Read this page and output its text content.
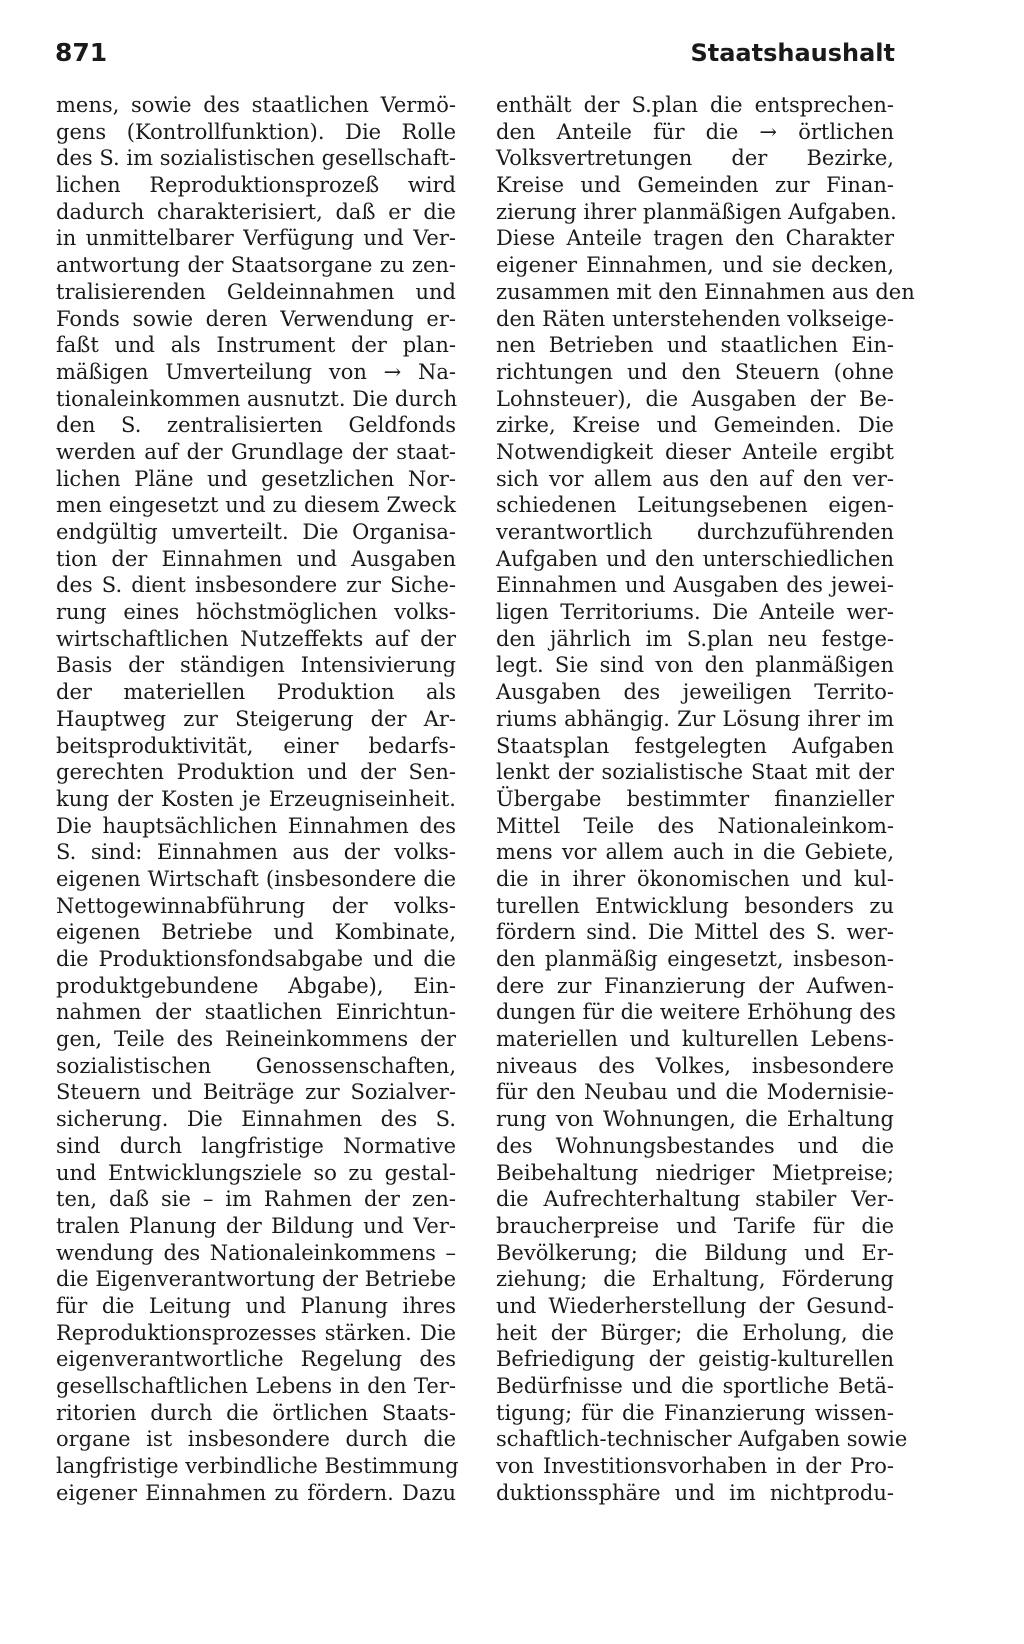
871	Staatshaushalt
mens, sowie des staatlichen Vermö-
gens (Kontrollfunktion). Die Rolle
des S. im sozialistischen gesellschaft-
lichen Reproduktionsprozeß wird
dadurch charakterisiert, daß er die
in unmittelbarer Verfügung und Ver-
antwortung der Staatsorgane zu zen-
tralisierenden Geldeinnahmen und
Fonds sowie deren Verwendung er-
faßt und als Instrument der plan-
mäßigen Umverteilung von → Na-
tionaleinkommen ausnutzt. Die durch
den S. zentralisierten Geldfonds
werden auf der Grundlage der staat-
lichen Pläne und gesetzlichen Nor-
men eingesetzt und zu diesem Zweck
endgültig umverteilt. Die Organisa-
tion der Einnahmen und Ausgaben
des S. dient insbesondere zur Siche-
rung eines höchstmöglichen volks-
wirtschaftlichen Nutzeffekts auf der
Basis der ständigen Intensivierung
der materiellen Produktion als
Hauptweg zur Steigerung der Ar-
beitsproduktivität, einer bedarfs-
gerechten Produktion und der Sen-
kung der Kosten je Erzeugniseinheit.
Die hauptsächlichen Einnahmen des
S. sind: Einnahmen aus der volks-
eigenen Wirtschaft (insbesondere die
Nettogewinnabführung der volks-
eigenen Betriebe und Kombinate,
die Produktionsfondsabgabe und die
produktgebundene Abgabe), Ein-
nahmen der staatlichen Einrichtun-
gen, Teile des Reineinkommens der
sozialistischen Genossenschaften,
Steuern und Beiträge zur Sozialver-
sicherung. Die Einnahmen des S.
sind durch langfristige Normative
und Entwicklungsziele so zu gestal-
ten, daß sie – im Rahmen der zen-
tralen Planung der Bildung und Ver-
wendung des Nationaleinkommens –
die Eigenverantwortung der Betriebe
für die Leitung und Planung ihres
Reproduktionsprozesses stärken. Die
eigenverantwortliche Regelung des
gesellschaftlichen Lebens in den Ter-
ritorien durch die örtlichen Staats-
organe ist insbesondere durch die
langfristige verbindliche Bestimmung
eigener Einnahmen zu fördern. Dazu
enthält der S.plan die entsprechen-
den Anteile für die → örtlichen
Volksvertretungen der Bezirke,
Kreise und Gemeinden zur Finan-
zierung ihrer planmäßigen Aufgaben.
Diese Anteile tragen den Charakter
eigener Einnahmen, und sie decken,
zusammen mit den Einnahmen aus den
den Räten unterstehenden volkseige-
nen Betrieben und staatlichen Ein-
richtungen und den Steuern (ohne
Lohnsteuer), die Ausgaben der Be-
zirke, Kreise und Gemeinden. Die
Notwendigkeit dieser Anteile ergibt
sich vor allem aus den auf den ver-
schiedenen Leitungsebenen eigen-
verantwortlich durchzuführenden
Aufgaben und den unterschiedlichen
Einnahmen und Ausgaben des jewei-
ligen Territoriums. Die Anteile wer-
den jährlich im S.plan neu festge-
legt. Sie sind von den planmäßigen
Ausgaben des jeweiligen Territo-
riums abhängig. Zur Lösung ihrer im
Staatsplan festgelegten Aufgaben
lenkt der sozialistische Staat mit der
Übergabe bestimmter finanzieller
Mittel Teile des Nationaleinkom-
mens vor allem auch in die Gebiete,
die in ihrer ökonomischen und kul-
turellen Entwicklung besonders zu
fördern sind. Die Mittel des S. wer-
den planmäßig eingesetzt, insbeson-
dere zur Finanzierung der Aufwen-
dungen für die weitere Erhöhung des
materiellen und kulturellen Lebens-
niveaus des Volkes, insbesondere
für den Neubau und die Modernisie-
rung von Wohnungen, die Erhaltung
des Wohnungsbestandes und die
Beibehaltung niedriger Mietpreise;
die Aufrechterhaltung stabiler Ver-
braucherpreise und Tarife für die
Bevölkerung; die Bildung und Er-
ziehung; die Erhaltung, Förderung
und Wiederherstellung der Gesund-
heit der Bürger; die Erholung, die
Befriedigung der geistig-kulturellen
Bedürfnisse und die sportliche Betä-
tigung; für die Finanzierung wissen-
schaftlich-technischer Aufgaben sowie
von Investitionsvorhaben in der Pro-
duktionssphäre und im nichtprodu-
